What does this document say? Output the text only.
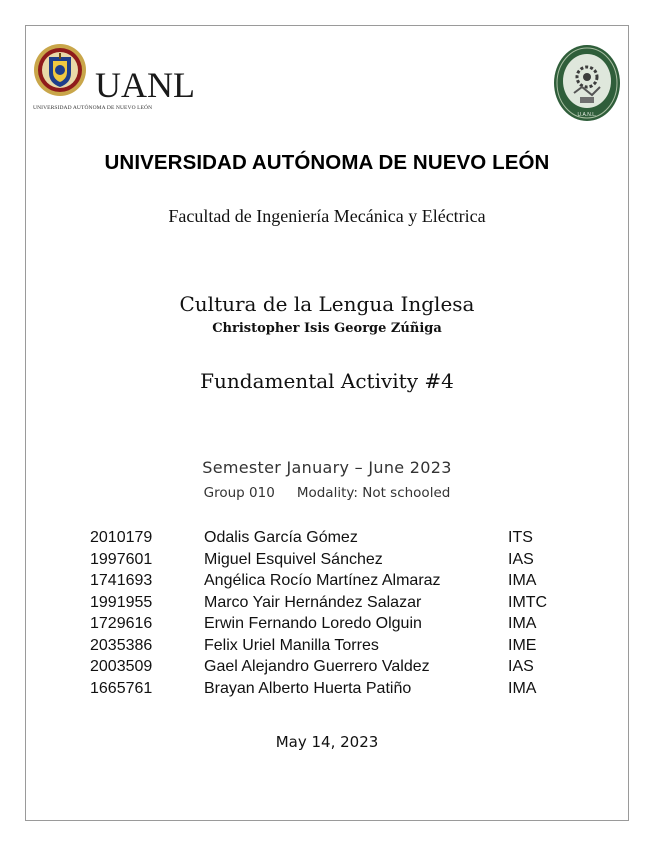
UANL
UNIVERSIDAD AUTÓNOMA DE NUEVO LEÓN
U.A.N.L.
UNIVERSIDAD AUTÓNOMA DE NUEVO LEÓN
Facultad de Ingeniería Mecánica y Eléctrica
Cultura de la Lengua Inglesa
Christopher Isis George Zúñiga
Fundamental Activity #4
Semester January – June 2023
Group 010 Modality: Not schooled
2010179	Odalis García Gómez	ITS
1997601	Miguel Esquivel Sánchez	IAS
1741693	Angélica Rocío Martínez Almaraz	IMA
1991955	Marco Yair Hernández Salazar	IMTC
1729616	Erwin Fernando Loredo Olguin	IMA
2035386	Felix Uriel Manilla Torres	IME
2003509	Gael Alejandro Guerrero Valdez	IAS
1665761	Brayan Alberto Huerta Patiño	IMA
May 14, 2023
